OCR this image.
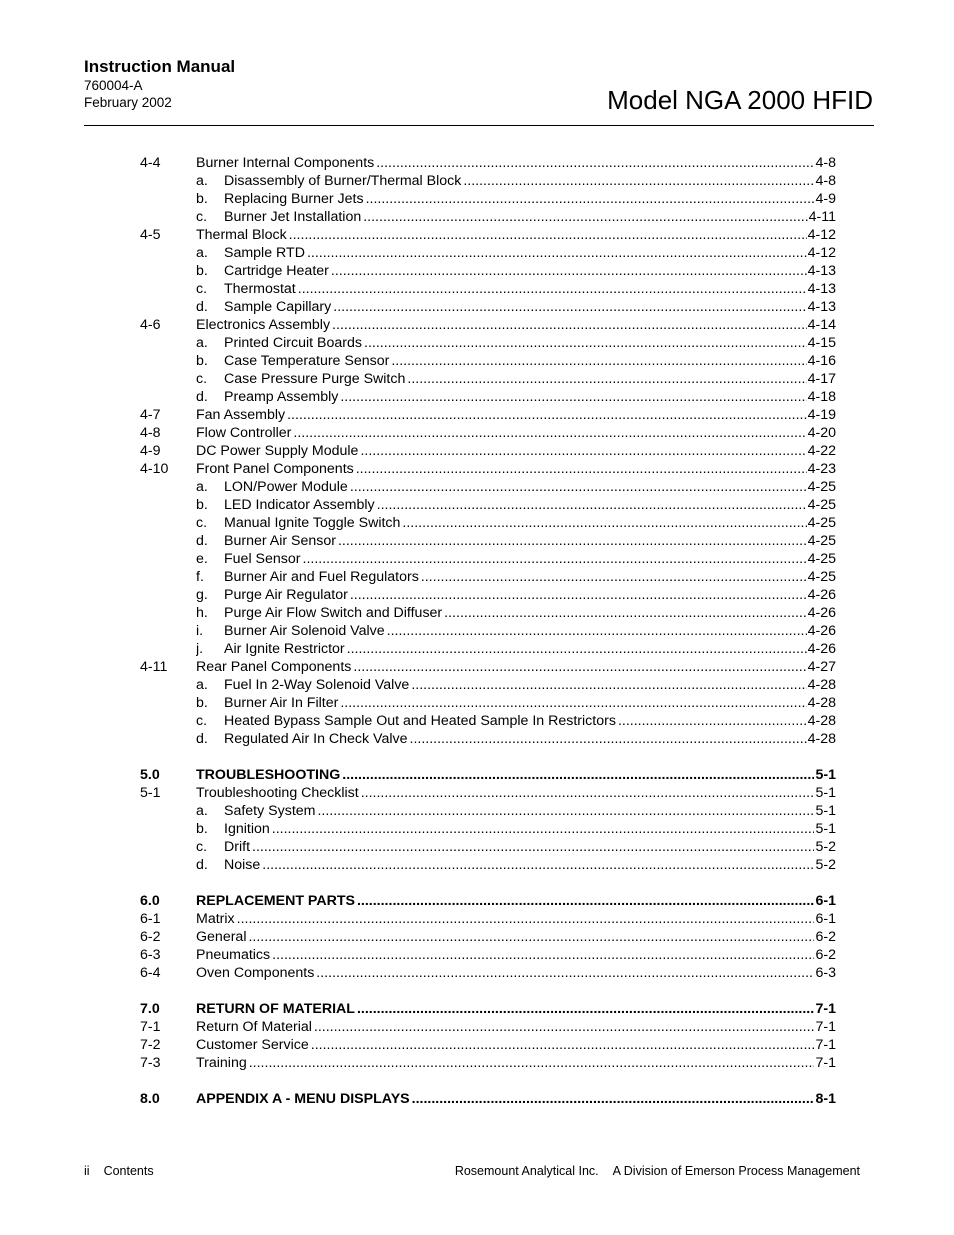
Instruction Manual
760004-A
February 2002	Model NGA 2000 HFID
4-4 Burner Internal Components .....	4-8
a.	Disassembly of Burner/Thermal Block .....	4-8
b.	Replacing Burner Jets .....	4-9
c.	Burner Jet Installation .....	4-11
4-5 Thermal Block .....	4-12
a.	Sample RTD .....	4-12
b.	Cartridge Heater .....	4-13
c.	Thermostat .....	4-13
d.	Sample Capillary .....	4-13
4-6 Electronics Assembly .....	4-14
a.	Printed Circuit Boards .....	4-15
b.	Case Temperature Sensor .....	4-16
c.	Case Pressure Purge Switch .....	4-17
d.	Preamp Assembly .....	4-18
4-7 Fan Assembly .....	4-19
4-8 Flow Controller .....	4-20
4-9 DC Power Supply Module .....	4-22
4-10 Front Panel Components .....	4-23
a.	LON/Power Module .....	4-25
b.	LED Indicator Assembly .....	4-25
c.	Manual Ignite Toggle Switch .....	4-25
d.	Burner Air Sensor .....	4-25
e.	Fuel Sensor .....	4-25
f.	Burner Air and Fuel Regulators .....	4-25
g.	Purge Air Regulator .....	4-26
h.	Purge Air Flow Switch and Diffuser .....	4-26
i.	Burner Air Solenoid Valve .....	4-26
j.	Air Ignite Restrictor .....	4-26
4-11 Rear Panel Components .....	4-27
a.	Fuel In 2-Way Solenoid Valve .....	4-28
b.	Burner Air In Filter .....	4-28
c.	Heated Bypass Sample Out and Heated Sample In Restrictors .....	4-28
d.	Regulated Air In Check Valve .....	4-28
5.0	TROUBLESHOOTING .....	5-1
5-1 Troubleshooting Checklist .....	5-1
a.	Safety System .....	5-1
b.	Ignition .....	5-1
c.	Drift .....	5-2
d.	Noise .....	5-2
6.0	REPLACEMENT PARTS .....	6-1
6-1 Matrix .....	6-1
6-2 General .....	6-2
6-3 Pneumatics .....	6-2
6-4 Oven Components .....	6-3
7.0	RETURN OF MATERIAL .....	7-1
7-1 Return Of Material .....	7-1
7-2 Customer Service .....	7-1
7-3 Training .....	7-1
8.0	APPENDIX A - MENU DISPLAYS .....	8-1
ii Contents	Rosemount Analytical Inc. A Division of Emerson Process Management
